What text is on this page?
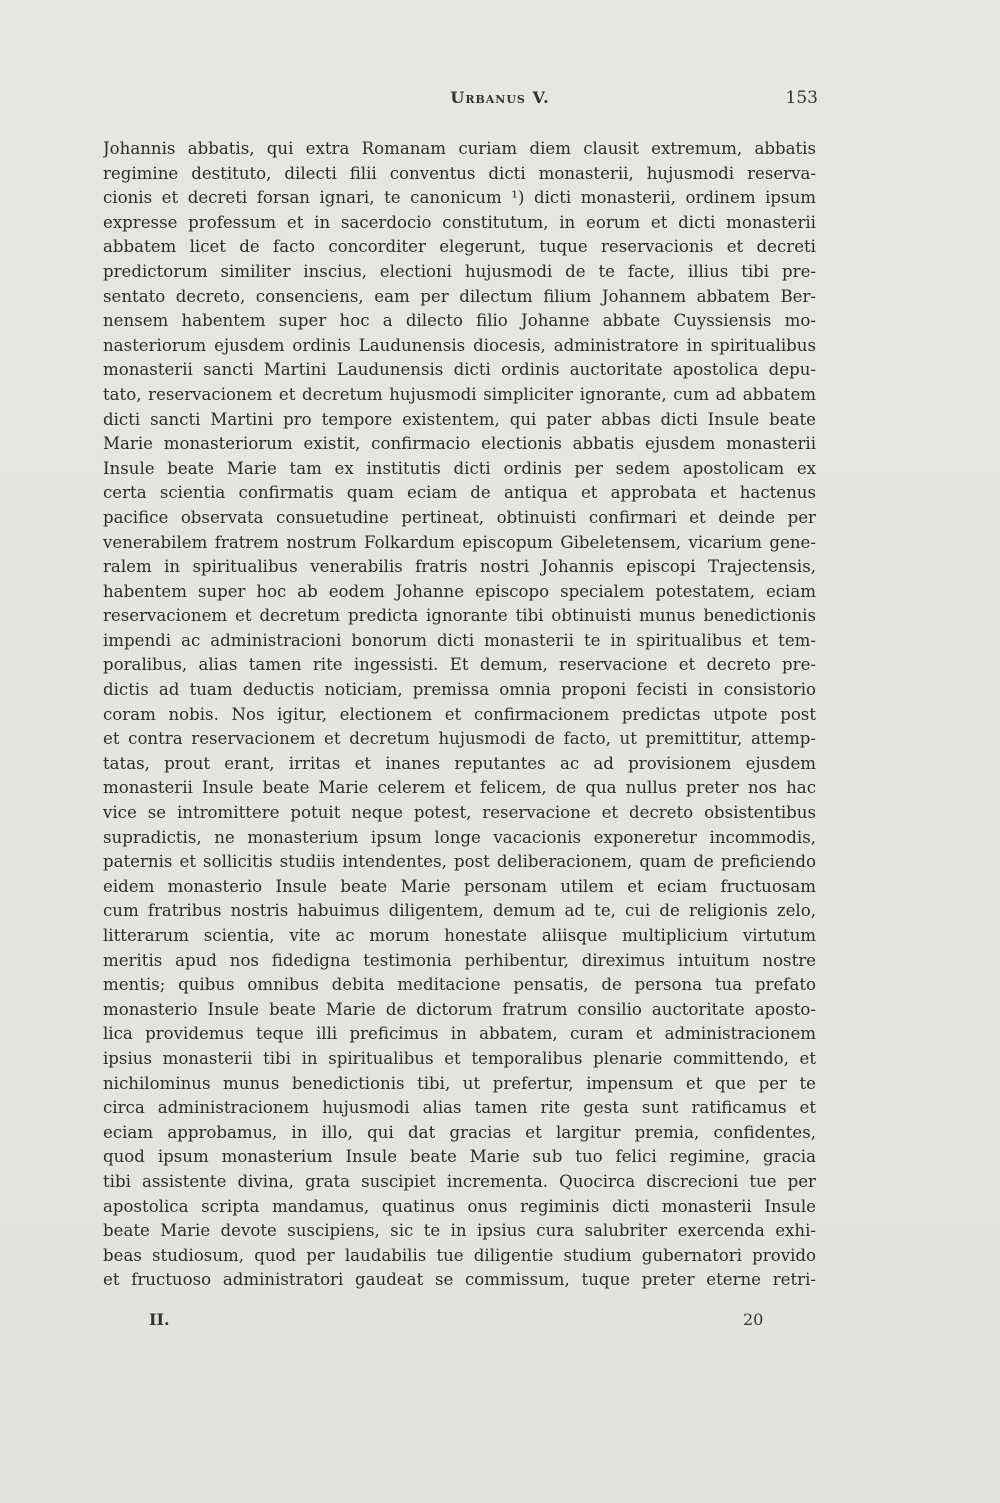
Urbanus V.	153
Johannis abbatis, qui extra Romanam curiam diem clausit extremum, abbatis
regimine destituto, dilecti filii conventus dicti monasterii, hujusmodi reserva-
cionis et decreti forsan ignari, te canonicum ¹) dicti monasterii, ordinem ipsum
expresse professum et in sacerdocio constitutum, in eorum et dicti monasterii
abbatem licet de facto concorditer elegerunt, tuque reservacionis et decreti
predictorum similiter inscius, electioni hujusmodi de te facte, illius tibi pre-
sentato decreto, consenciens, eam per dilectum filium Johannem abbatem Ber-
nensem habentem super hoc a dilecto filio Johanne abbate Cuyssiensis mo-
nasteriorum ejusdem ordinis Laudunensis diocesis, administratore in spiritualibus
monasterii sancti Martini Laudunensis dicti ordinis auctoritate apostolica depu-
tato, reservacionem et decretum hujusmodi simpliciter ignorante, cum ad abbatem
dicti sancti Martini pro tempore existentem, qui pater abbas dicti Insule beate
Marie monasteriorum existit, confirmacio electionis abbatis ejusdem monasterii
Insule beate Marie tam ex institutis dicti ordinis per sedem apostolicam ex
certa scientia confirmatis quam eciam de antiqua et approbata et hactenus
pacifice observata consuetudine pertineat, obtinuisti confirmari et deinde per
venerabilem fratrem nostrum Folkardum episcopum Gibeletensem, vicarium gene-
ralem in spiritualibus venerabilis fratris nostri Johannis episcopi Trajectensis,
habentem super hoc ab eodem Johanne episcopo specialem potestatem, eciam
reservacionem et decretum predicta ignorante tibi obtinuisti munus benedictionis
impendi ac administracioni bonorum dicti monasterii te in spiritualibus et tem-
poralibus, alias tamen rite ingessisti. Et demum, reservacione et decreto pre-
dictis ad tuam deductis noticiam, premissa omnia proponi fecisti in consistorio
coram nobis. Nos igitur, electionem et confirmacionem predictas utpote post
et contra reservacionem et decretum hujusmodi de facto, ut premittitur, attemp-
tatas, prout erant, irritas et inanes reputantes ac ad provisionem ejusdem
monasterii Insule beate Marie celerem et felicem, de qua nullus preter nos hac
vice se intromittere potuit neque potest, reservacione et decreto obsistentibus
supradictis, ne monasterium ipsum longe vacacionis exponeretur incommodis,
paternis et sollicitis studiis intendentes, post deliberacionem, quam de preficiendo
eidem monasterio Insule beate Marie personam utilem et eciam fructuosam
cum fratribus nostris habuimus diligentem, demum ad te, cui de religionis zelo,
litterarum scientia, vite ac morum honestate aliisque multiplicium virtutum
meritis apud nos fidedigna testimonia perhibentur, direximus intuitum nostre
mentis; quibus omnibus debita meditacione pensatis, de persona tua prefato
monasterio Insule beate Marie de dictorum fratrum consilio auctoritate aposto-
lica providemus teque illi preficimus in abbatem, curam et administracionem
ipsius monasterii tibi in spiritualibus et temporalibus plenarie committendo, et
nichilominus munus benedictionis tibi, ut prefertur, impensum et que per te
circa administracionem hujusmodi alias tamen rite gesta sunt ratificamus et
eciam approbamus, in illo, qui dat gracias et largitur premia, confidentes,
quod ipsum monasterium Insule beate Marie sub tuo felici regimine, gracia
tibi assistente divina, grata suscipiet incrementa. Quocirca discrecioni tue per
apostolica scripta mandamus, quatinus onus regiminis dicti monasterii Insule
beate Marie devote suscipiens, sic te in ipsius cura salubriter exercenda exhi-
beas studiosum, quod per laudabilis tue diligentie studium gubernatori provido
et fructuoso administratori gaudeat se commissum, tuque preter eterne retri-
II.	20
